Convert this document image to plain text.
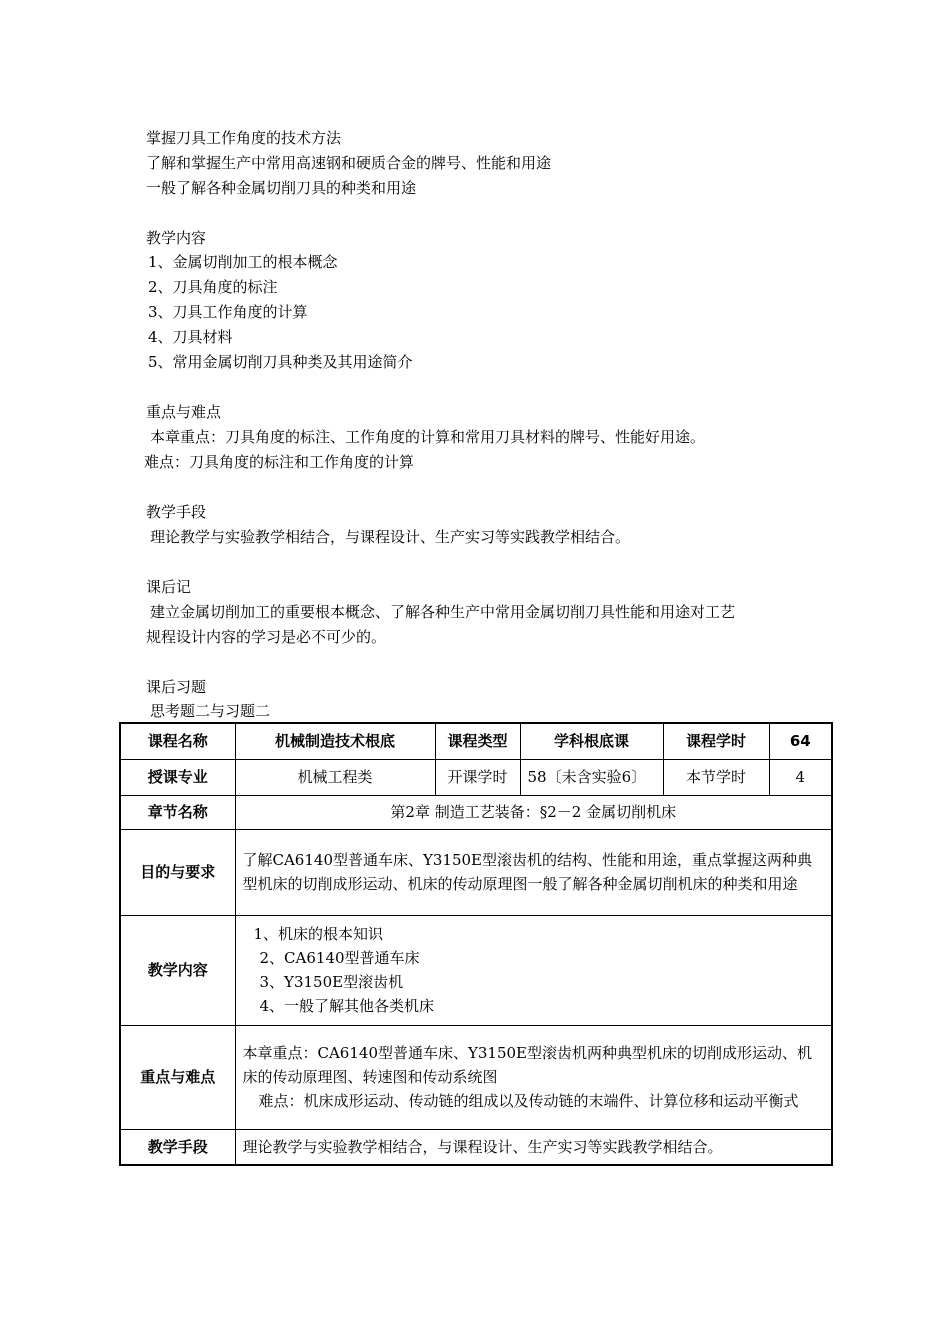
掌握刀具工作角度的技术方法
了解和掌握生产中常用高速钢和硬质合金的牌号、性能和用途
一般了解各种金属切削刀具的种类和用途
教学内容
1、金属切削加工的根本概念
2、刀具角度的标注
3、刀具工作角度的计算
4、刀具材料
5、常用金属切削刀具种类及其用途简介
重点与难点
本章重点：刀具角度的标注、工作角度的计算和常用刀具材料的牌号、性能好用途。
难点：刀具角度的标注和工作角度的计算
教学手段
理论教学与实验教学相结合，与课程设计、生产实习等实践教学相结合。
课后记
建立金属切削加工的重要根本概念、了解各种生产中常用金属切削刀具性能和用途对工艺
规程设计内容的学习是必不可少的。
课后习题
思考题二与习题二
课程名称	机械制造技术根底	课程类型	学科根底课	课程学时	64
授课专业	机械工程类	开课学时	58〔未含实验6〕	本节学时	4
章节名称	第2章 制造工艺装备：§2－2 金属切削机床				
目的与要求	了解CA6140型普通车床、Y3150E型滚齿机的结构、性能和用途，重点掌握这两种典型机床的切削成形运动、机床的传动原理图一般了解各种金属切削机床的种类和用途				
教学内容	1、机床的根本知识
2、CA6140型普通车床
3、Y3150E型滚齿机
4、一般了解其他各类机床				

重点与难点	本章重点：CA6140型普通车床、Y3150E型滚齿机两种典型机床的切削成形运动、机床的传动原理图、转速图和传动系统图
难点：机床成形运动、传动链的组成以及传动链的末端件、计算位移和运动平衡式				

教学手段	理论教学与实验教学相结合，与课程设计、生产实习等实践教学相结合。				
